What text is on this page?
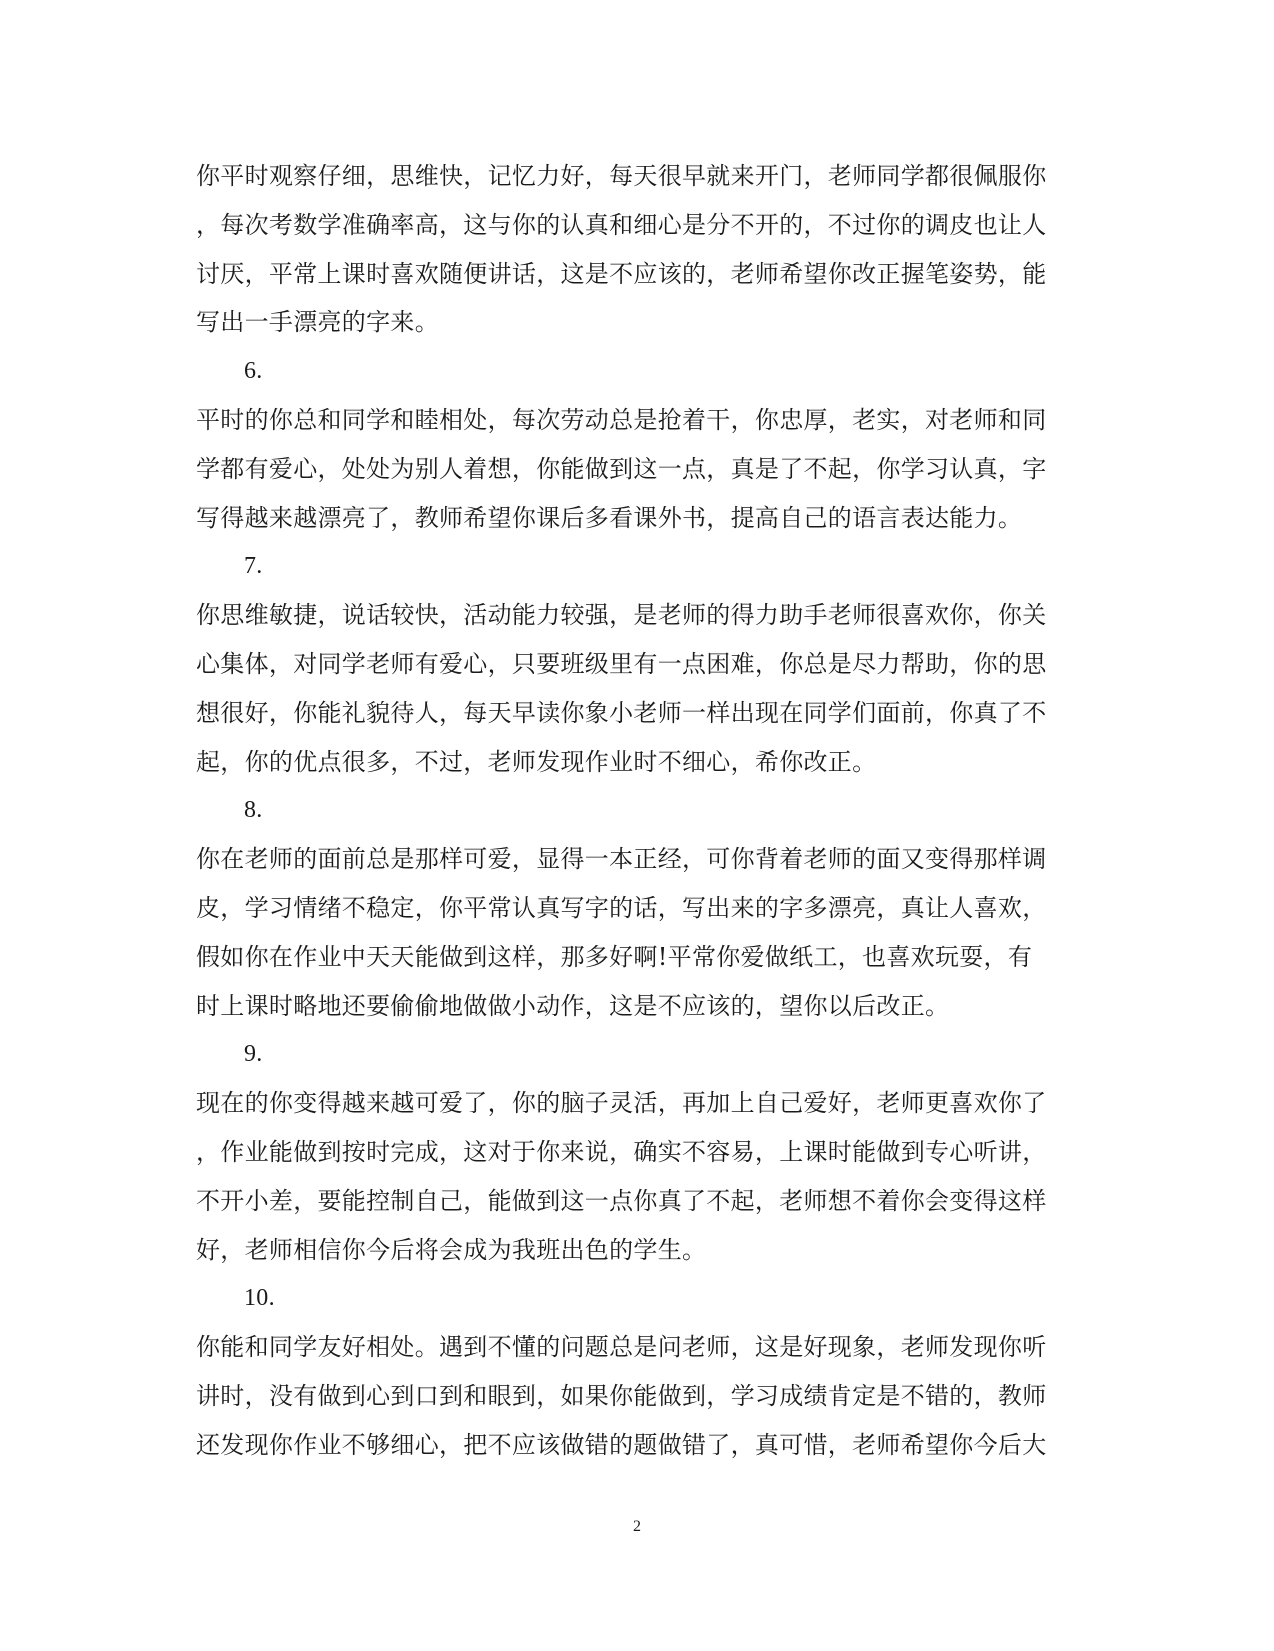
你平时观察仔细，思维快，记忆力好，每天很早就来开门，老师同学都很佩服你
，每次考数学准确率高，这与你的认真和细心是分不开的，不过你的调皮也让人
讨厌，平常上课时喜欢随便讲话，这是不应该的，老师希望你改正握笔姿势，能
写出一手漂亮的字来。
6.
平时的你总和同学和睦相处，每次劳动总是抢着干，你忠厚，老实，对老师和同
学都有爱心，处处为别人着想，你能做到这一点，真是了不起，你学习认真，字
写得越来越漂亮了，教师希望你课后多看课外书，提高自己的语言表达能力。
7.
你思维敏捷，说话较快，活动能力较强，是老师的得力助手老师很喜欢你，你关
心集体，对同学老师有爱心，只要班级里有一点困难，你总是尽力帮助，你的思
想很好，你能礼貌待人，每天早读你象小老师一样出现在同学们面前，你真了不
起，你的优点很多，不过，老师发现作业时不细心，希你改正。
8.
你在老师的面前总是那样可爱，显得一本正经，可你背着老师的面又变得那样调
皮，学习情绪不稳定，你平常认真写字的话，写出来的字多漂亮，真让人喜欢，
假如你在作业中天天能做到这样，那多好啊!平常你爱做纸工，也喜欢玩耍，有
时上课时略地还要偷偷地做做小动作，这是不应该的，望你以后改正。
9.
现在的你变得越来越可爱了，你的脑子灵活，再加上自己爱好，老师更喜欢你了
，作业能做到按时完成，这对于你来说，确实不容易，上课时能做到专心听讲，
不开小差，要能控制自己，能做到这一点你真了不起，老师想不着你会变得这样
好，老师相信你今后将会成为我班出色的学生。
10.
你能和同学友好相处。遇到不懂的问题总是问老师，这是好现象，老师发现你听
讲时，没有做到心到口到和眼到，如果你能做到，学习成绩肯定是不错的，教师
还发现你作业不够细心，把不应该做错的题做错了，真可惜，老师希望你今后大
2
